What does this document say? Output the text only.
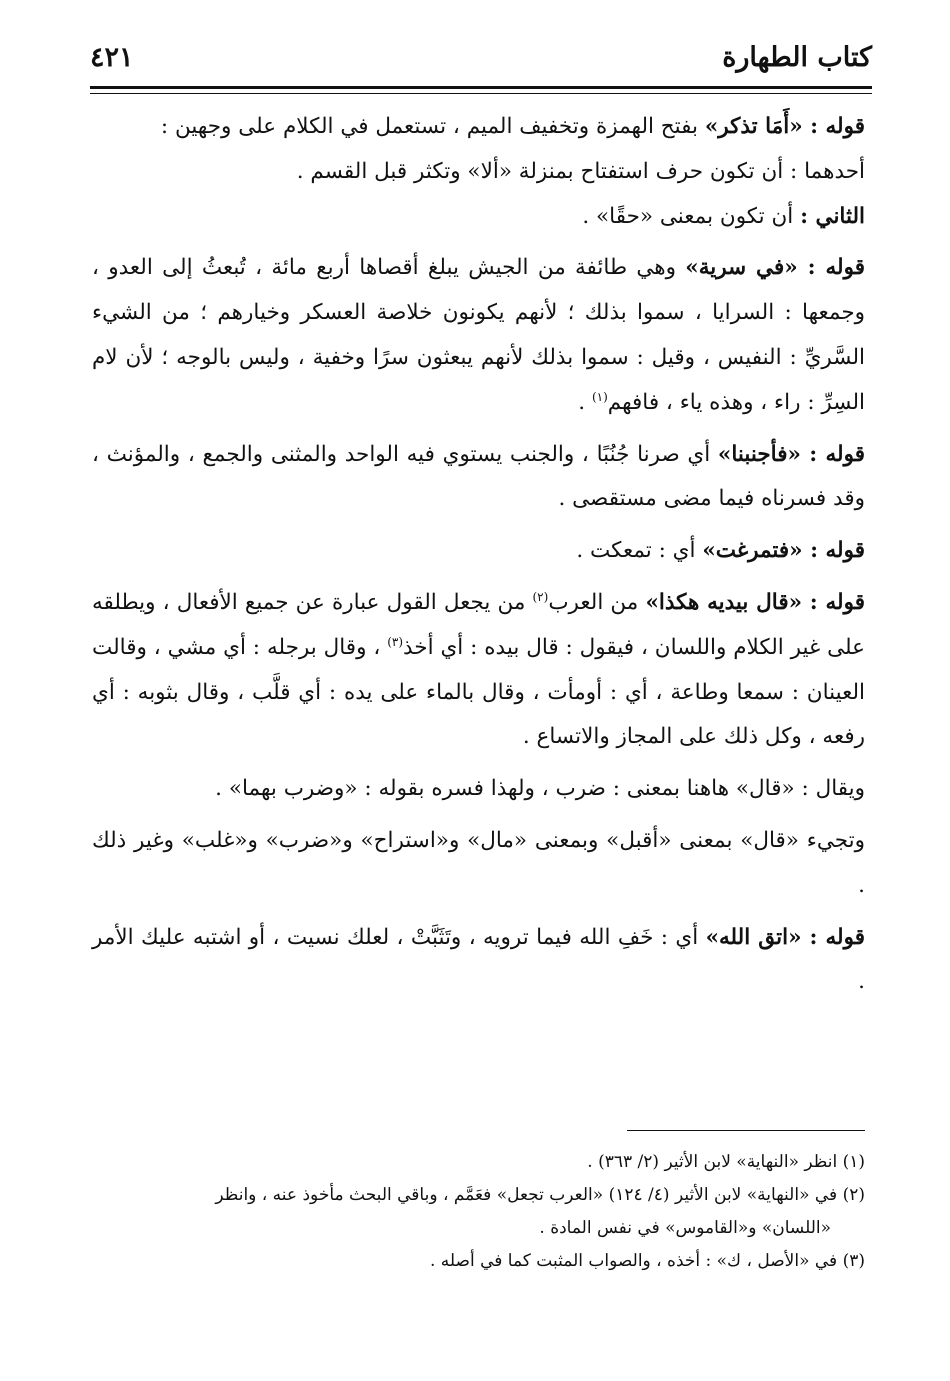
كتاب الطهارة
٤٢١

قوله : «أَمَا تذكر» بفتح الهمزة وتخفيف الميم ، تستعمل في الكلام على وجهين :
أحدهما : أن تكون حرف استفتاح بمنزلة «ألا» وتكثر قبل القسم .
الثاني : أن تكون بمعنى «حقًا» .

قوله : «في سرية» وهي طائفة من الجيش يبلغ أقصاها أربع مائة ، تُبعثُ إلى العدو ، وجمعها : السرايا ، سموا بذلك ؛ لأنهم يكونون خلاصة العسكر وخيارهم ؛ من الشيء السَّريِّ : النفيس ، وقيل : سموا بذلك لأنهم يبعثون سرًا وخفية ، وليس بالوجه ؛ لأن لام السِرِّ : راء ، وهذه ياء ، فافهم$^{(١)}$ .

قوله : «فأجنبنا» أي صرنا جُنُبًا ، والجنب يستوي فيه الواحد والمثنى والجمع ، والمؤنث ، وقد فسرناه فيما مضى مستقصى .

قوله : «فتمرغت» أي : تمعكت .

قوله : «قال بيديه هكذا» من العرب$^{(٢)}$ من يجعل القول عبارة عن جميع الأفعال ، ويطلقه على غير الكلام واللسان ، فيقول : قال بيده : أي أخذ$^{(٣)}$ ، وقال برجله : أي مشي ، وقالت العينان : سمعا وطاعة ، أي : أومأت ، وقال بالماء على يده : أي قلَّب ، وقال بثوبه : أي رفعه ، وكل ذلك على المجاز والاتساع .

ويقال : «قال» هاهنا بمعنى : ضرب ، ولهذا فسره بقوله : «وضرب بهما» .

وتجيء «قال» بمعنى «أقبل» وبمعنى «مال» و«استراح» و«ضرب» و«غلب» وغير ذلك .

قوله : «اتق الله» أي : خَفِ الله فيما ترويه ، وتَثَبَّتْ ، لعلك نسيت ، أو اشتبه عليك الأمر .

(١) انظر «النهاية» لابن الأثير (٢/ ٣٦٣) .

(٢) في «النهاية» لابن الأثير (٤/ ١٢٤) «العرب تجعل» فعَمَّم ، وباقي البحث مأخوذ عنه ، وانظر

«اللسان» و«القاموس» في نفس المادة .

(٣) في «الأصل ، ك» : أخذه ، والصواب المثبت كما في أصله .
